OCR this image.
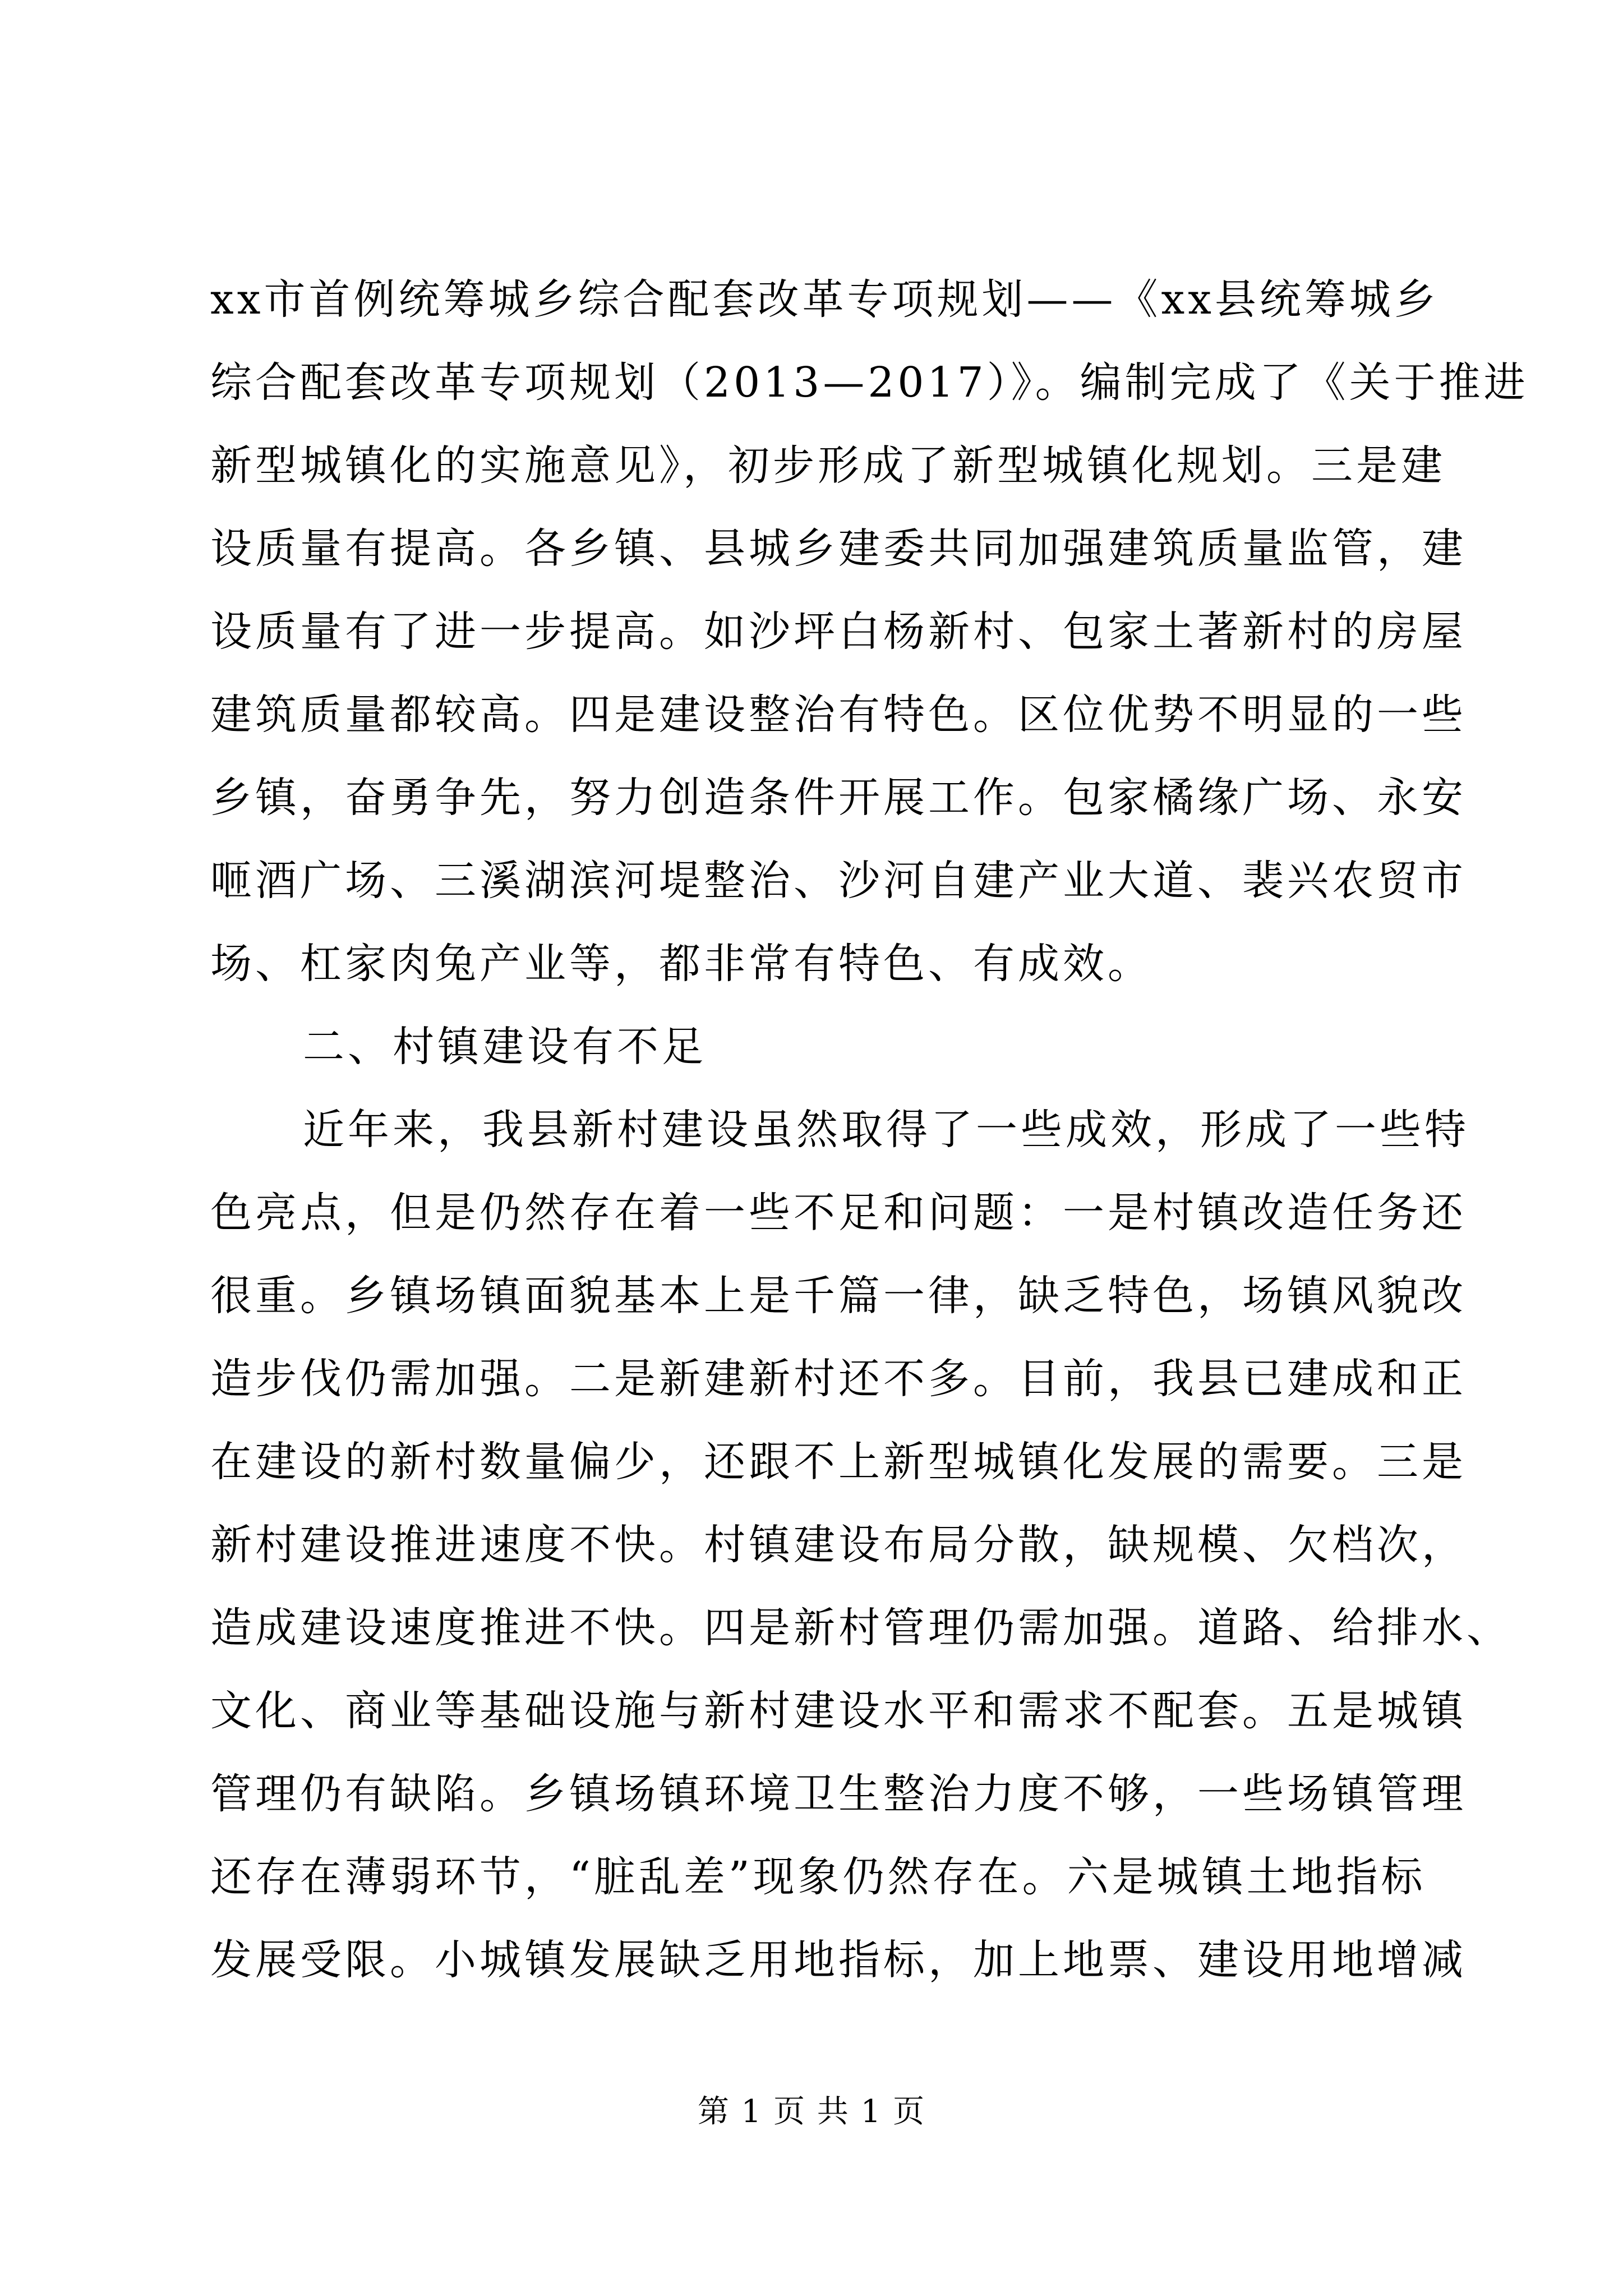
xx市首例统筹城乡综合配套改革专项规划——《xx县统筹城乡
综合配套改革专项规划（2013—2017）》。编制完成了《关于推进
新型城镇化的实施意见》，初步形成了新型城镇化规划。三是建
设质量有提高。各乡镇、县城乡建委共同加强建筑质量监管，建
设质量有了进一步提高。如沙坪白杨新村、包家土著新村的房屋
建筑质量都较高。四是建设整治有特色。区位优势不明显的一些
乡镇，奋勇争先，努力创造条件开展工作。包家橘缘广场、永安
咂酒广场、三溪湖滨河堤整治、沙河自建产业大道、裴兴农贸市
场、杠家肉兔产业等，都非常有特色、有成效。
二、村镇建设有不足
近年来，我县新村建设虽然取得了一些成效，形成了一些特
色亮点，但是仍然存在着一些不足和问题：一是村镇改造任务还
很重。乡镇场镇面貌基本上是千篇一律，缺乏特色，场镇风貌改
造步伐仍需加强。二是新建新村还不多。目前，我县已建成和正
在建设的新村数量偏少，还跟不上新型城镇化发展的需要。三是
新村建设推进速度不快。村镇建设布局分散，缺规模、欠档次，
造成建设速度推进不快。四是新村管理仍需加强。道路、给排水、
文化、商业等基础设施与新村建设水平和需求不配套。五是城镇
管理仍有缺陷。乡镇场镇环境卫生整治力度不够，一些场镇管理
还存在薄弱环节，“脏乱差”现象仍然存在。六是城镇土地指标
发展受限。小城镇发展缺乏用地指标，加上地票、建设用地增减
第 1 页 共 1 页
